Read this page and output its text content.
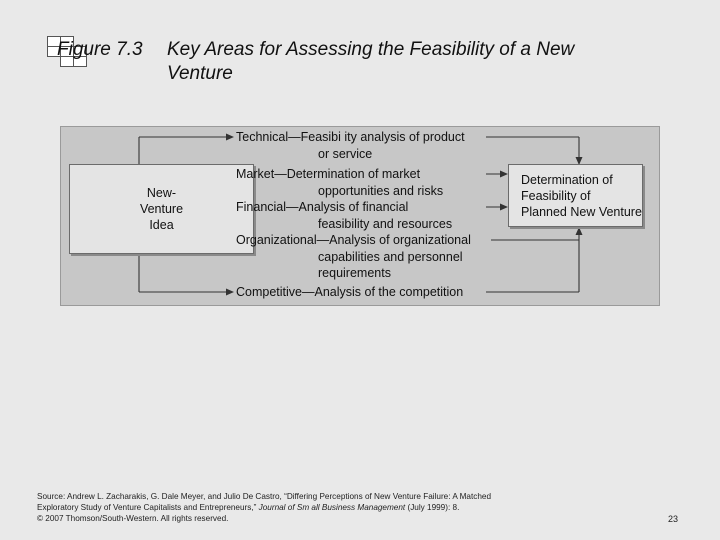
Figure 7.3 Key Areas for Assessing the Feasibility of a New
Venture
New-
Venture
Idea
Determination of
Feasibility of
Planned New Venture
Technical—Feasibi ity analysis of product
or service
Market—Determination of market
opportunities and risks
Financial—Analysis of financial
feasibility and resources
Organizational—Analysis of organizational
capabilities and personnel
requirements
Competitive—Analysis of the competition
Source: Andrew L. Zacharakis, G. Dale Meyer, and Julio De Castro, “Differing Perceptions of New Venture Failure: A Matched
Exploratory Study of Venture Capitalists and Entrepreneurs,” Journal of Sm all Business Management (July 1999): 8.
© 2007 Thomson/South-Western. All rights reserved.	23
